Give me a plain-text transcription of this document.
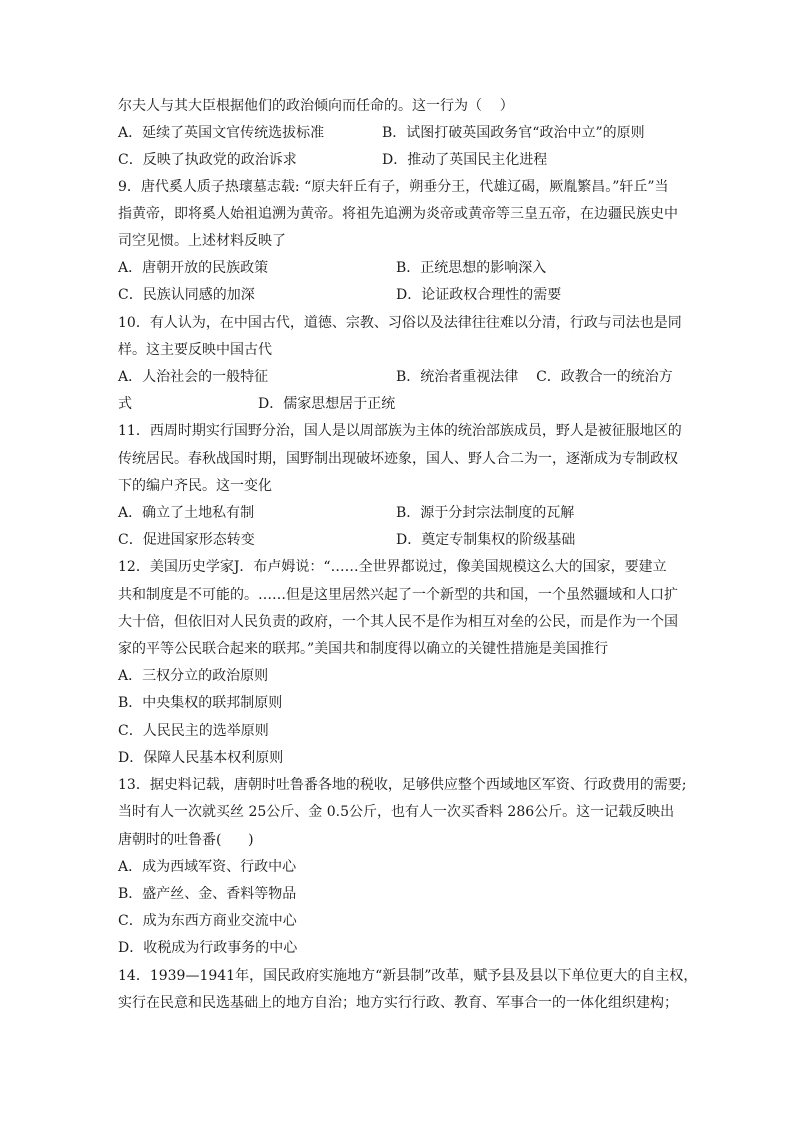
尔夫人与其大臣根据他们的政治倾向而任命的。这一行为（    ）
A．延续了英国文官传统选拔标准	B．试图打破英国政务官“政治中立”的原则
C．反映了执政党的政治诉求	D．推动了英国民主化进程
9．唐代奚人质子热瓌墓志载: “原夫轩丘有子，朔垂分王，代雄辽碣，厥胤繁昌。”轩丘”当
指黄帝，即将奚人始祖追溯为黄帝。将祖先追溯为炎帝或黄帝等三皇五帝，在边疆民族史中
司空见惯。上述材料反映了
A．唐朝开放的民族政策	B．正统思想的影响深入
C．民族认同感的加深	D．论证政权合理性的需要
10．有人认为，在中国古代，道德、宗教、习俗以及法律往往难以分清，行政与司法也是同
样。这主要反映中国古代
A．人治社会的一般特征	B．统治者重视法律    C．政教合一的统治方
式	D．儒家思想居于正统
11．西周时期实行国野分治，国人是以周部族为主体的统治部族成员，野人是被征服地区的
传统居民。春秋战国时期，国野制出现破坏迹象，国人、野人合二为一，逐渐成为专制政权
下的编户齐民。这一变化
A．确立了土地私有制	B．源于分封宗法制度的瓦解
C．促进国家形态转变	D．奠定专制集权的阶级基础
12．美国历史学家J．布卢姆说：“……全世界都说过，像美国规模这么大的国家，要建立
共和制度是不可能的。……但是这里居然兴起了一个新型的共和国，一个虽然疆域和人口扩
大十倍，但依旧对人民负责的政府，一个其人民不是作为相互对垒的公民，而是作为一个国
家的平等公民联合起来的联邦。”美国共和制度得以确立的关键性措施是美国推行
A．三权分立的政治原则
B．中央集权的联邦制原则
C．人民民主的选举原则
D．保障人民基本权利原则
13．据史料记载，唐朝时吐鲁番各地的税收，足够供应整个西域地区军资、行政费用的需要;
当时有人一次就买丝 25公斤、金 0.5公斤，也有人一次买香料 286公斤。这一记载反映出
唐朝时的吐鲁番(      )
A．成为西域军资、行政中心
B．盛产丝、金、香料等物品
C．成为东西方商业交流中心
D．收税成为行政事务的中心
14．1939—1941年，国民政府实施地方“新县制”改革，赋予县及县以下单位更大的自主权，
实行在民意和民选基础上的地方自治；地方实行行政、教育、军事合一的一体化组织建构；
